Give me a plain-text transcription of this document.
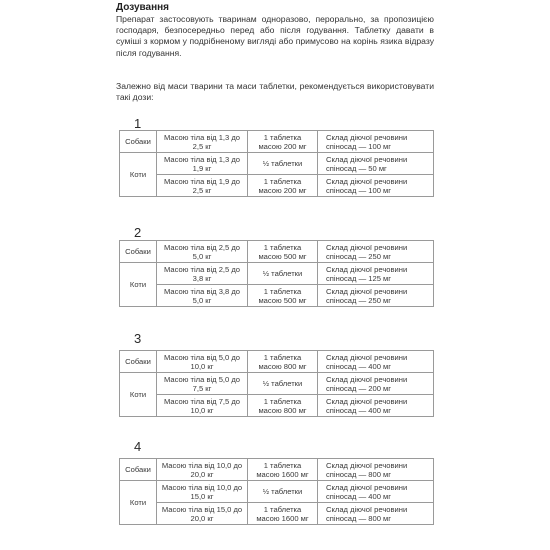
Дозування
Препарат застосовують тваринам одноразово, перорально, за пропозицією господаря, безпосередньо перед або після годування. Таблетку давати в суміші з кормом у подрібненому вигляді або примусово на корінь язика відразу після годування.
Залежно від маси тварини та маси таблетки, рекомендується використовувати такі дози:
1
Собаки	Масою тіла від 1,3 до 2,5 кг	1 таблетка масою 200 мг	Склад діючої речовини спіносад — 100 мг
Коти	Масою тіла від 1,3 до 1,9 кг	½ таблетки	Склад діючої речовини спіносад — 50 мг
	Масою тіла від 1,9 до 2,5 кг	1 таблетка масою 200 мг	Склад діючої речовини спіносад — 100 мг
2
Собаки	Масою тіла від 2,5 до 5,0 кг	1 таблетка масою 500 мг	Склад діючої речовини спіносад — 250 мг
Коти	Масою тіла від 2,5 до 3,8 кг	½ таблетки	Склад діючої речовини спіносад — 125 мг
	Масою тіла від 3,8 до 5,0 кг	1 таблетка масою 500 мг	Склад діючої речовини спіносад — 250 мг
3
Собаки	Масою тіла від 5,0 до 10,0 кг	1 таблетка масою 800 мг	Склад діючої речовини спіносад — 400 мг
Коти	Масою тіла від 5,0 до 7,5 кг	½ таблетки	Склад діючої речовини спіносад — 200 мг
	Масою тіла від 7,5 до 10,0 кг	1 таблетка масою 800 мг	Склад діючої речовини спіносад — 400 мг
4
Собаки	Масою тіла від 10,0 до 20,0 кг	1 таблетка масою 1600 мг	Склад діючої речовини спіносад — 800 мг
Коти	Масою тіла від 10,0 до 15,0 кг	½ таблетки	Склад діючої речовини спіносад — 400 мг
	Масою тіла від 15,0 до 20,0 кг	1 таблетка масою 1600 мг	Склад діючої речовини спіносад — 800 мг
